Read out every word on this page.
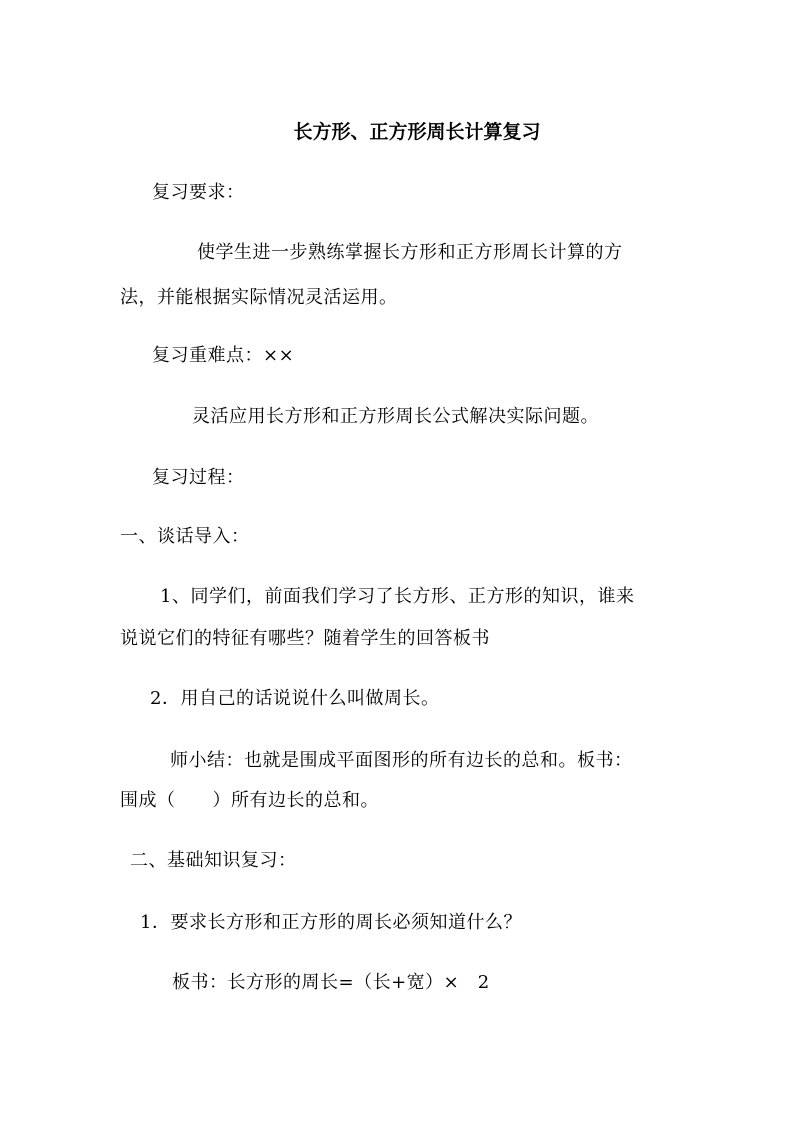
长方形、正方形周长计算复习
复习要求：
使学生进一步熟练掌握长方形和正方形周长计算的方
法，并能根据实际情况灵活运用。
复习重难点：××
灵活应用长方形和正方形周长公式解决实际问题。
复习过程：
一、谈话导入：
1、同学们，前面我们学习了长方形、正方形的知识，谁来
说说它们的特征有哪些？随着学生的回答板书
2．用自己的话说说什么叫做周长。
师小结：也就是围成平面图形的所有边长的总和。板书：
围成（　　）所有边长的总和。
二、基础知识复习：
1．要求长方形和正方形的周长必须知道什么？
板书：长方形的周长=（长+宽）×　2
